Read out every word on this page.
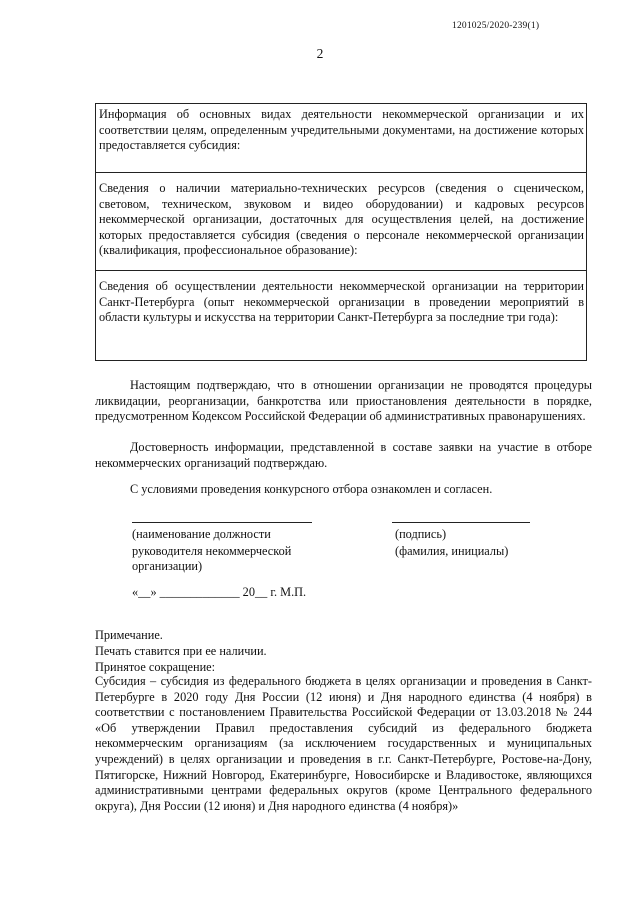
1201025/2020-239(1)
2

Информация об основных видах деятельности некоммерческой организации и их соответствии целям, определенным учредительными документами, на достижение которых предоставляется субсидия:

Сведения о наличии материально-технических ресурсов (сведения о сценическом, световом, техническом, звуковом и видео оборудовании) и кадровых ресурсов некоммерческой организации, достаточных для осуществления целей, на достижение которых предоставляется субсидия (сведения о персонале некоммерческой организации (квалификация, профессиональное образование):

Сведения об осуществлении деятельности некоммерческой организации на территории Санкт-Петербурга (опыт некоммерческой организации в проведении мероприятий в области культуры и искусства на территории Санкт-Петербурга за последние три года):

Настоящим подтверждаю, что в отношении организации не проводятся процедуры ликвидации, реорганизации, банкротства или приостановления деятельности в порядке, предусмотренном Кодексом Российской Федерации об административных правонарушениях.

Достоверность информации, представленной в составе заявки на участие в отборе некоммерческих организаций подтверждаю.

С условиями проведения конкурсного отбора ознакомлен и согласен.

(наименование должности

руководителя некоммерческой

организации)

(подпись)

(фамилия, инициалы)

«__» _____________ 20__ г. М.П.

Примечание.

Печать ставится при ее наличии.

Принятое сокращение:

Субсидия – субсидия из федерального бюджета в целях организации и проведения в Санкт-Петербурге в 2020 году Дня России (12 июня) и Дня народного единства (4 ноября) в соответствии с постановлением Правительства Российской Федерации от 13.03.2018 № 244 «Об утверждении Правил предоставления субсидий из федерального бюджета некоммерческим организациям (за исключением государственных и муниципальных учреждений) в целях организации и проведения в г.г. Санкт-Петербурге, Ростове-на-Дону, Пятигорске, Нижний Новгород, Екатеринбурге, Новосибирске и Владивостоке, являющихся административными центрами федеральных округов (кроме Центрального федерального округа), Дня России (12 июня) и Дня народного единства (4 ноября)»
